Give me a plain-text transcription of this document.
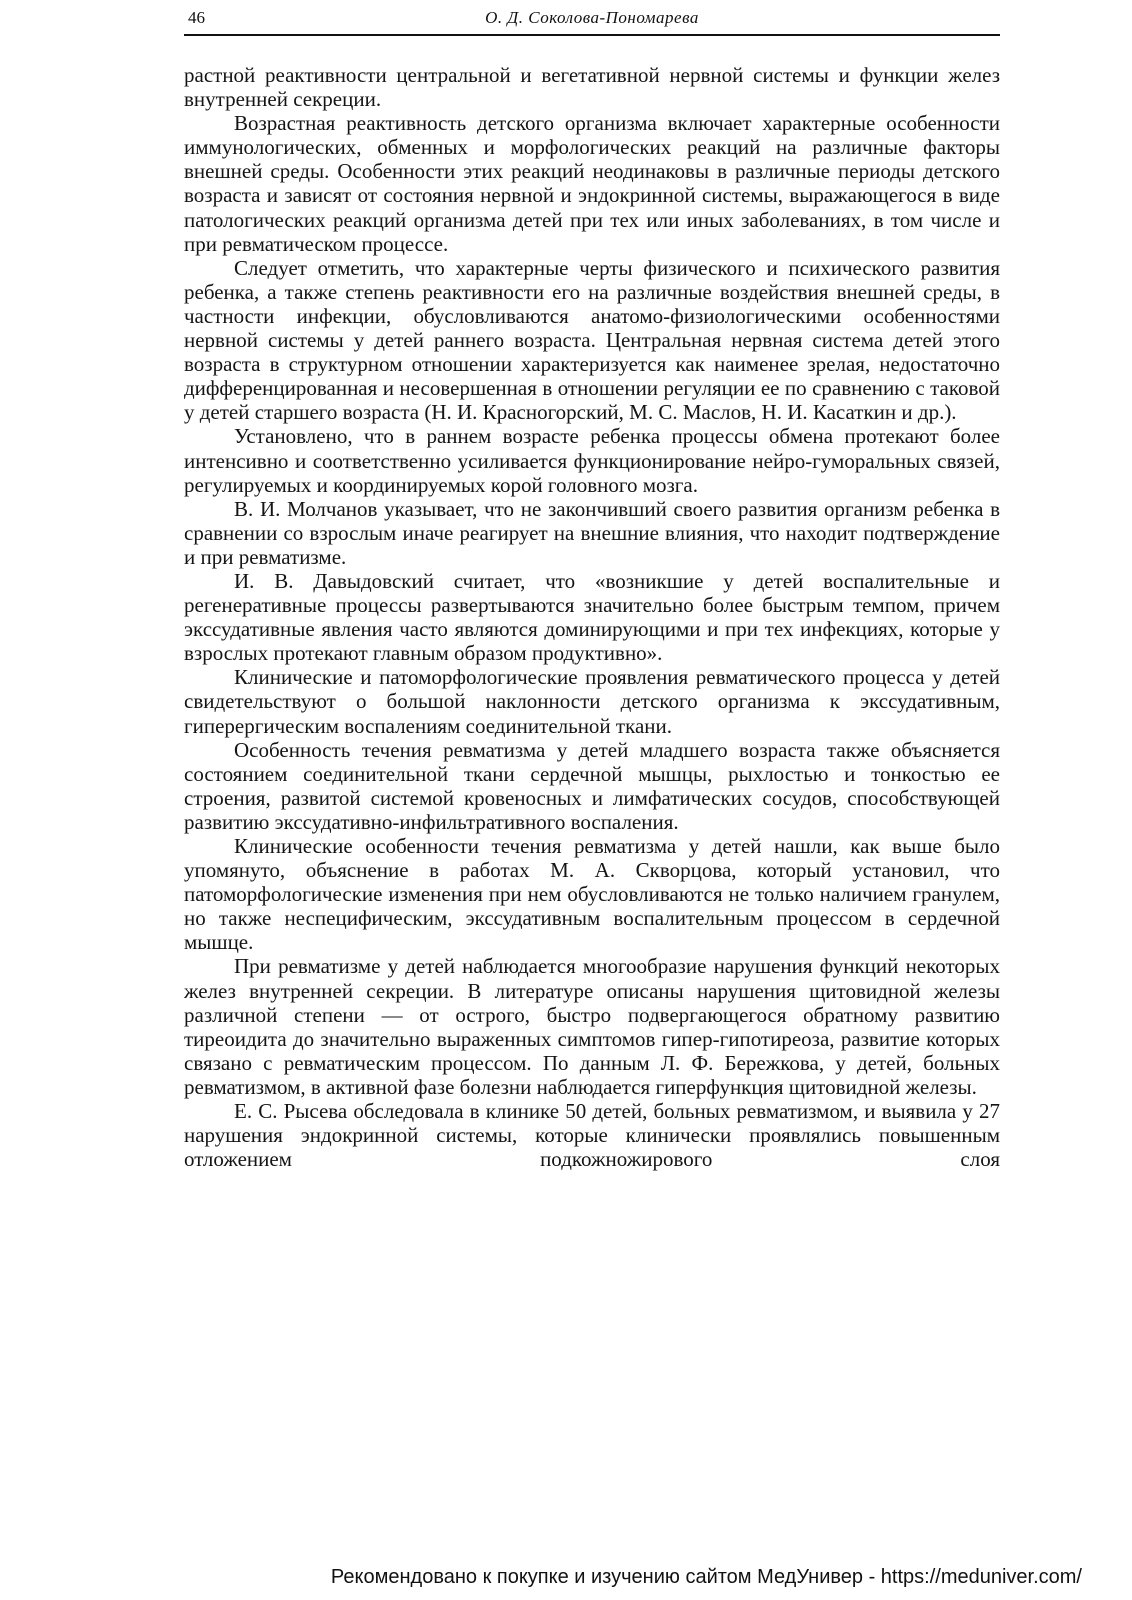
46	О. Д. Соколова-Пономарева

растной реактивности центральной и вегетативной нервной системы и функции желез внутренней секреции.

Возрастная реактивность детского организма включает характерные особенности иммунологических, обменных и морфологических реакций на различные факторы внешней среды. Особенности этих реакций неодинаковы в различные периоды детского возраста и зависят от состояния нервной и эндокринной системы, выражающегося в виде патологических реакций организма детей при тех или иных заболеваниях, в том числе и при ревматическом процессе.

Следует отметить, что характерные черты физического и психического развития ребенка, а также степень реактивности его на различные воздействия внешней среды, в частности инфекции, обусловливаются анатомо-физиологическими особенностями нервной системы у детей раннего возраста. Центральная нервная система детей этого возраста в структурном отношении характеризуется как наименее зрелая, недостаточно дифференцированная и несовершенная в отношении регуляции ее по сравнению с таковой у детей старшего возраста (Н. И. Красногорский, М. С. Маслов, Н. И. Касаткин и др.).

Установлено, что в раннем возрасте ребенка процессы обмена протекают более интенсивно и соответственно усиливается функционирование нейро-гуморальных связей, регулируемых и координируемых корой головного мозга.

В. И. Молчанов указывает, что не закончивший своего развития организм ребенка в сравнении со взрослым иначе реагирует на внешние влияния, что находит подтверждение и при ревматизме.

И. В. Давыдовский считает, что «возникшие у детей воспалительные и регенеративные процессы развертываются значительно более быстрым темпом, причем экссудативные явления часто являются доминирующими и при тех инфекциях, которые у взрослых протекают главным образом продуктивно».

Клинические и патоморфологические проявления ревматического процесса у детей свидетельствуют о большой наклонности детского организма к экссудативным, гиперергическим воспалениям соединительной ткани.

Особенность течения ревматизма у детей младшего возраста также объясняется состоянием соединительной ткани сердечной мышцы, рыхлостью и тонкостью ее строения, развитой системой кровеносных и лимфатических сосудов, способствующей развитию экссудативно-инфильтративного воспаления.

Клинические особенности течения ревматизма у детей нашли, как выше было упомянуто, объяснение в работах М. А. Скворцова, который установил, что патоморфологические изменения при нем обусловливаются не только наличием гранулем, но также неспецифическим, экссудативным воспалительным процессом в сердечной мышце.

При ревматизме у детей наблюдается многообразие нарушения функций некоторых желез внутренней секреции. В литературе описаны нарушения щитовидной железы различной степени — от острого, быстро подвергающегося обратному развитию тиреоидита до значительно выраженных симптомов гипер-гипотиреоза, развитие которых связано с ревматическим процессом. По данным Л. Ф. Бережкова, у детей, больных ревматизмом, в активной фазе болезни наблюдается гиперфункция щитовидной железы.

Е. С. Рысева обследовала в клинике 50 детей, больных ревматизмом, и выявила у 27 нарушения эндокринной системы, которые клинически проявлялись повышенным отложением подкожножирового слоя

Рекомендовано к покупке и изучению сайтом МедУнивер - https://meduniver.com/
